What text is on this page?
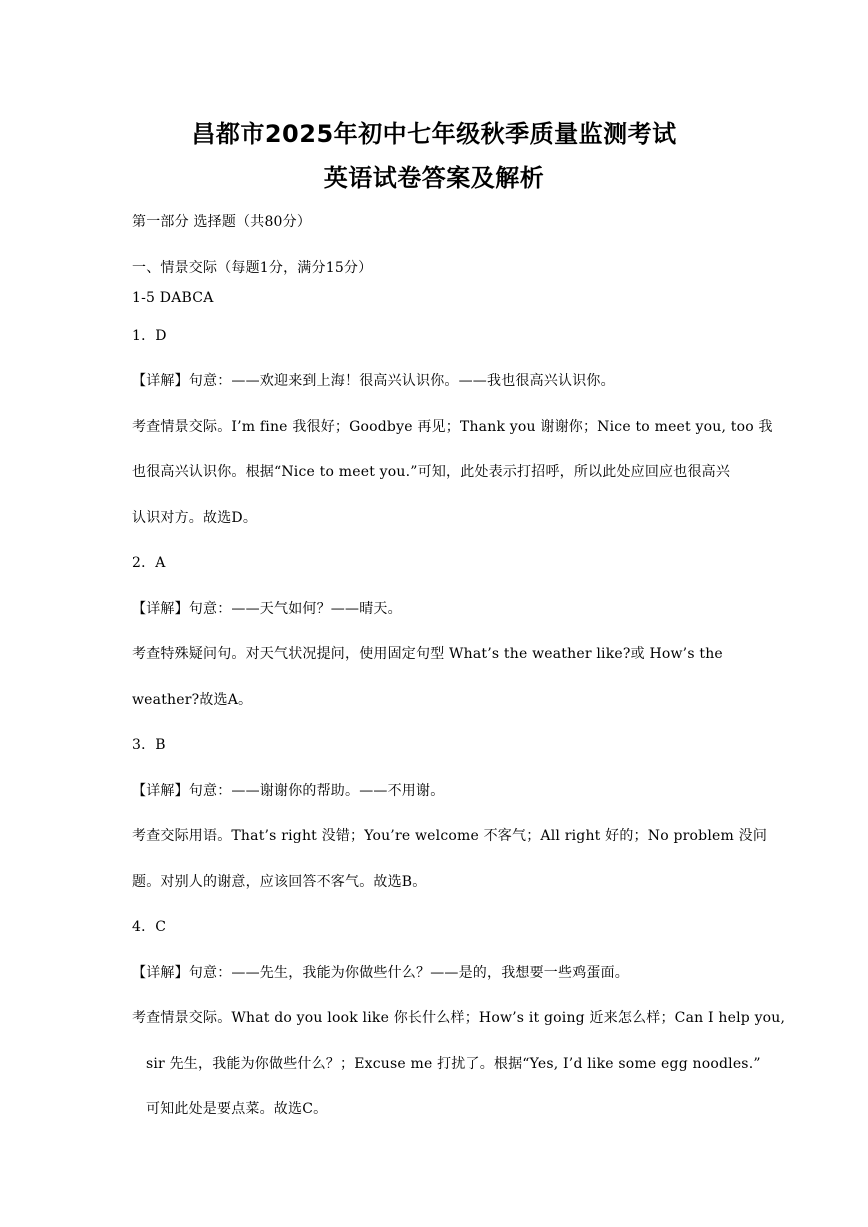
昌都市2025年初中七年级秋季质量监测考试
英语试卷答案及解析
第一部分 选择题（共80分）
一、情景交际（每题1分，满分15分）
1-5 DABCA
1．D
【详解】句意：——欢迎来到上海！很高兴认识你。——我也很高兴认识你。
考查情景交际。I’m fine 我很好；Goodbye 再见；Thank you 谢谢你；Nice to meet you, too 我
也很高兴认识你。根据“Nice to meet you.”可知，此处表示打招呼，所以此处应回应也很高兴
认识对方。故选D。
2．A
【详解】句意：——天气如何？——晴天。
考查特殊疑问句。对天气状况提问，使用固定句型 What’s the weather like?或 How’s the
weather?故选A。
3．B
【详解】句意：——谢谢你的帮助。——不用谢。
考查交际用语。That’s right 没错；You’re welcome 不客气；All right 好的；No problem 没问
题。对别人的谢意，应该回答不客气。故选B。
4．C
【详解】句意：——先生，我能为你做些什么？——是的，我想要一些鸡蛋面。
考查情景交际。What do you look like 你长什么样；How’s it going 近来怎么样；Can I help you,
sir 先生，我能为你做些什么？；Excuse me 打扰了。根据“Yes, I’d like some egg noodles.”
可知此处是要点菜。故选C。
